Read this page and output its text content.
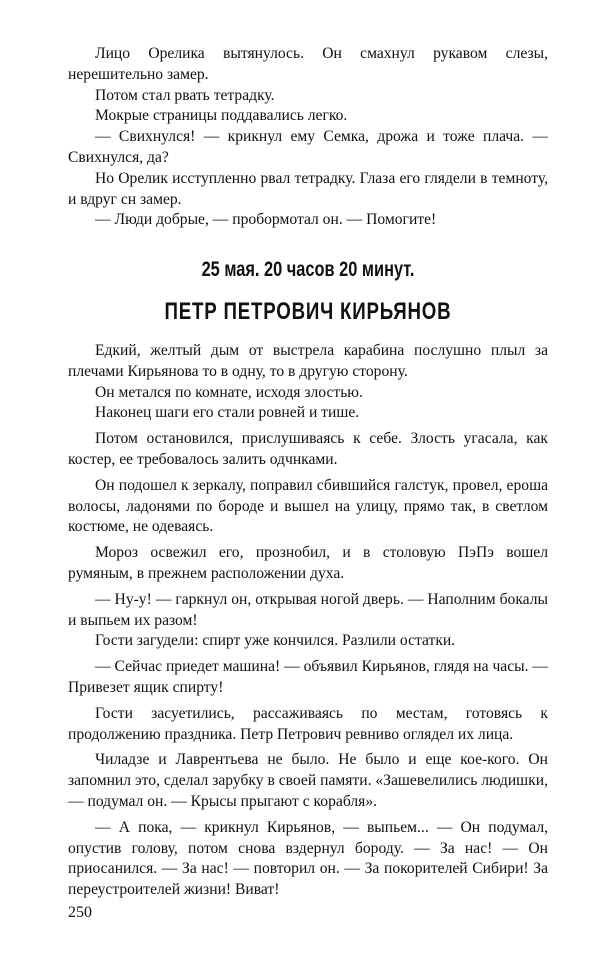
Лицо Орелика вытянулось. Он смахнул рукавом слезы, нерешительно замер.

Потом стал рвать тетрадку.

Мокрые страницы поддавались легко.

— Свихнулся! — крикнул ему Семка, дрожа и тоже плача. — Свихнулся, да?

Но Орелик исступленно рвал тетрадку. Глаза его глядели в темноту, и вдруг сн замер.

— Люди добрые, — пробормотал он. — Помогите!

25 мая. 20 часов 20 минут.
ПЕТР ПЕТРОВИЧ КИРЬЯНОВ

Едкий, желтый дым от выстрела карабина послушно плыл за плечами Кирьянова то в одну, то в другую сторону.

Он метался по комнате, исходя злостью.

Наконец шаги его стали ровней и тише.

Потом остановился, прислушиваясь к себе. Злость угасала, как костер, ее требовалось залить одчнками.

Он подошел к зеркалу, поправил сбившийся галстук, провел, ероша волосы, ладонями по бороде и вышел на улицу, прямо так, в светлом костюме, не одеваясь.

Мороз освежил его, прознобил, и в столовую ПэПэ вошел румяным, в прежнем расположении духа.

— Ну-у! — гаркнул он, открывая ногой дверь. — Наполним бокалы и выпьем их разом!

Гости загудели: спирт уже кончился. Разлили остатки.

— Сейчас приедет машина! — объявил Кирьянов, глядя на часы. — Привезет ящик спирту!

Гости засуетились, рассаживаясь по местам, готовясь к продолжению праздника. Петр Петрович ревниво оглядел их лица.

Чиладзе и Лаврентьева не было. Не было и еще кое-кого. Он запомнил это, сделал зарубку в своей памяти. «Зашевелились людишки, — подумал он. — Крысы прыгают с корабля».

— А пока, — крикнул Кирьянов, — выпьем... — Он подумал, опустив голову, потом снова вздернул бороду. — За нас! — Он приосанился. — За нас! — повторил он. — За покорителей Сибири! За переустроителей жизни! Виват!

250
